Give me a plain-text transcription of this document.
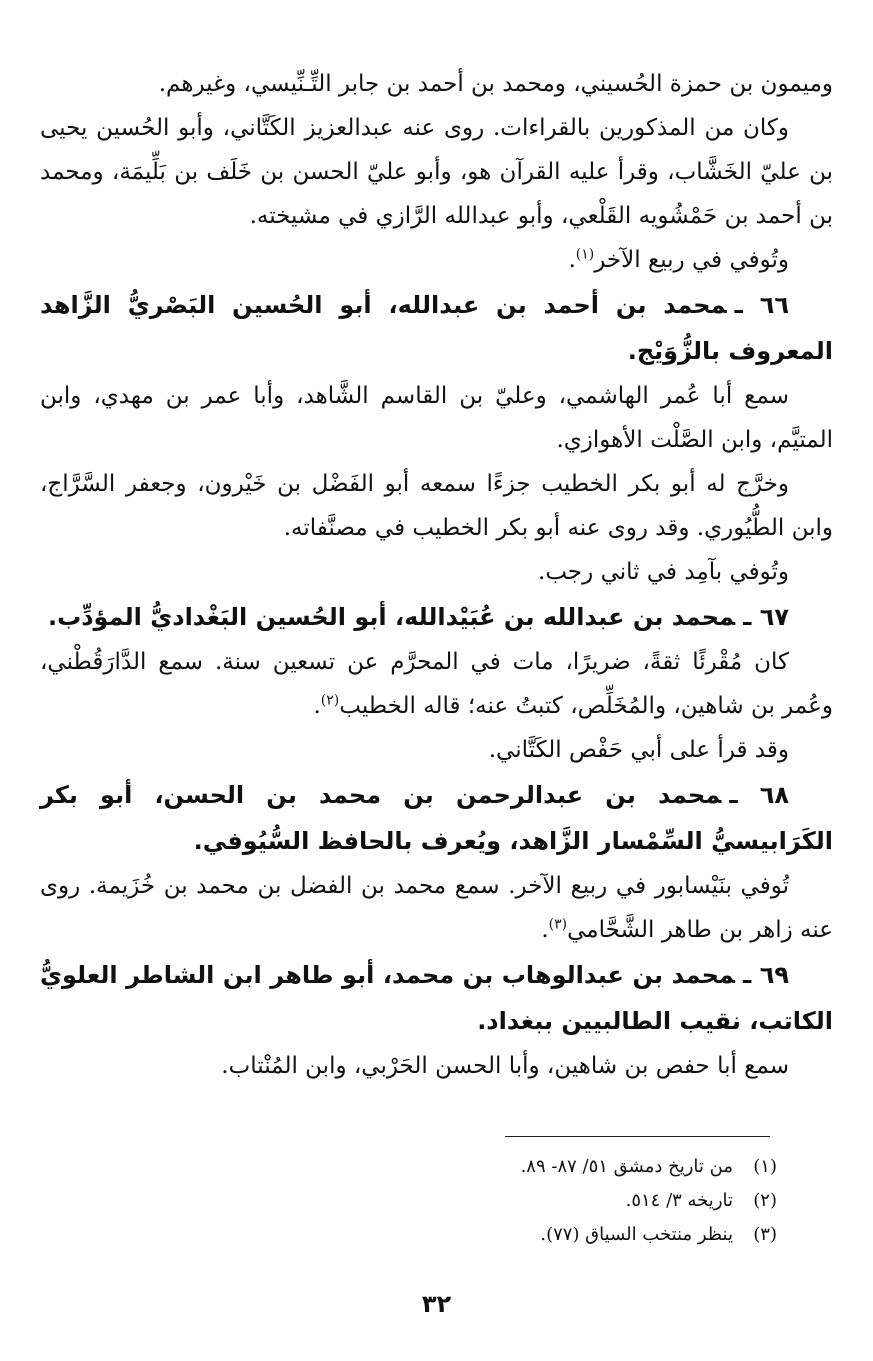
وميمون بن حمزة الحُسيني، ومحمد بن أحمد بن جابر التِّـنِّيسي، وغيرهم.

وكان من المذكورين بالقراءات. روى عنه عبدالعزيز الكَتَّاني، وأبو الحُسين يحيى بن عليّ الخَشَّاب، وقرأ عليه القرآن هو، وأبو عليّ الحسن بن خَلَف بن بَلِّيمَة، ومحمد بن أحمد بن حَمْشُويه القَلْعي، وأبو عبدالله الرَّازي في مشيخته.

وتُوفي في ربيع الآخر$^{(١)}$.

٦٦ ـمحمد بن أحمد بن عبدالله، أبو الحُسين البَصْريُّ الزَّاهد المعروف بالزُّوَيْج.

سمع أبا عُمر الهاشمي، وعليّ بن القاسم الشَّاهد، وأبا عمر بن مهدي، وابن المتيَّم، وابن الصَّلْت الأهوازي.

وخرَّج له أبو بكر الخطيب جزءًا سمعه أبو الفَضْل بن خَيْرون، وجعفر السَّرَّاج، وابن الطُّيُوري. وقد روى عنه أبو بكر الخطيب في مصنَّفاته.

وتُوفي بآمِد في ثاني رجب.

٦٧ ـمحمد بن عبدالله بن عُبَيْدالله، أبو الحُسين البَغْداديُّ المؤدِّب.

كان مُقْرئًا ثقةً، ضريرًا، مات في المحرَّم عن تسعين سنة. سمع الدَّارَقُطْني، وعُمر بن شاهين، والمُخَلِّص، كتبتُ عنه؛ قاله الخطيب$^{(٢)}$.

وقد قرأ على أبي حَفْص الكَتَّاني.

٦٨ ـمحمد بن عبدالرحمن بن محمد بن الحسن، أبو بكر الكَرَابيسيُّ السِّمْسار الزَّاهد، ويُعرف بالحافظ السُّيُوفي.

تُوفي بنَيْسابور في ربيع الآخر. سمع محمد بن الفضل بن محمد بن خُزَيمة. روى عنه زاهر بن طاهر الشَّحَّامي$^{(٣)}$.

٦٩ ـمحمد بن عبدالوهاب بن محمد، أبو طاهر ابن الشاطر العلويُّ الكاتب، نقيب الطالبيين ببغداد.

سمع أبا حفص بن شاهين، وأبا الحسن الحَرْبي، وابن المُنْتاب.

(١)
من تاريخ دمشق ٥١/ ٨٧- ٨٩.
(٢)
تاريخه ٣/ ٥١٤.
(٣)
ينظر منتخب السياق (٧٧).
٣٢
